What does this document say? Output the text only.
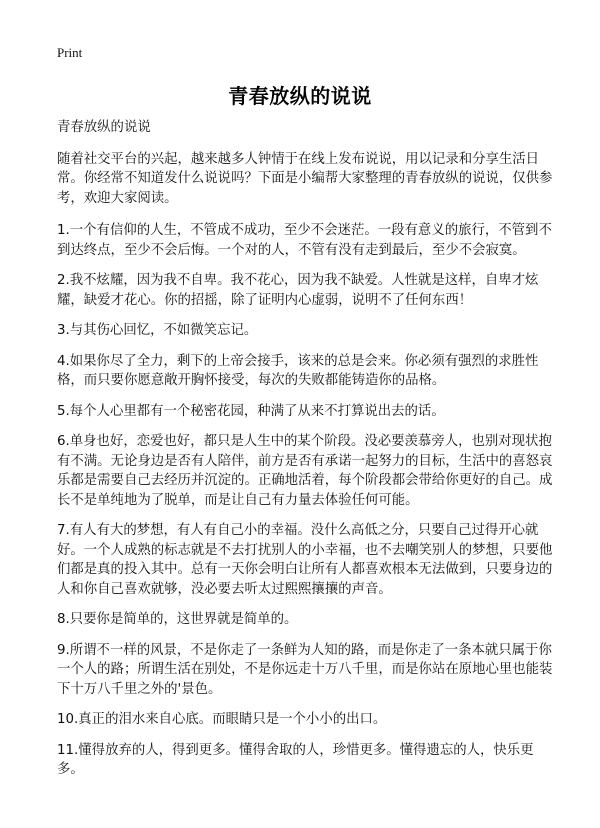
Print
青春放纵的说说

青春放纵的说说

随着社交平台的兴起，越来越多人钟情于在线上发布说说，用以记录和分享生活日常。你经常不知道发什么说说吗？下面是小编帮大家整理的青春放纵的说说，仅供参考，欢迎大家阅读。

1.一个有信仰的人生，不管成不成功，至少不会迷茫。一段有意义的旅行，不管到不到达终点，至少不会后悔。一个对的人，不管有没有走到最后，至少不会寂寞。

2.我不炫耀，因为我不自卑。我不花心，因为我不缺爱。人性就是这样，自卑才炫耀，缺爱才花心。你的招摇，除了证明内心虚弱，说明不了任何东西！

3.与其伤心回忆，不如微笑忘记。

4.如果你尽了全力，剩下的上帝会接手，该来的总是会来。你必须有强烈的求胜性格，而只要你愿意敞开胸怀接受，每次的失败都能铸造你的品格。

5.每个人心里都有一个秘密花园，种满了从来不打算说出去的话。

6.单身也好，恋爱也好，都只是人生中的某个阶段。没必要羡慕旁人，也别对现状抱有不满。无论身边是否有人陪伴，前方是否有承诺一起努力的目标，生活中的喜怒哀乐都是需要自己去经历并沉淀的。正确地活着，每个阶段都会带给你更好的自己。成长不是单纯地为了脱单，而是让自己有力量去体验任何可能。

7.有人有大的梦想，有人有自己小的幸福。没什么高低之分，只要自己过得开心就好。一个人成熟的标志就是不去打扰别人的小幸福，也不去嘲笑别人的梦想，只要他们都是真的投入其中。总有一天你会明白让所有人都喜欢根本无法做到，只要身边的人和你自己喜欢就够，没必要去听太过熙熙攘攘的声音。

8.只要你是简单的，这世界就是简单的。

9.所谓不一样的风景，不是你走了一条鲜为人知的路，而是你走了一条本就只属于你一个人的路；所谓生活在别处，不是你远走十万八千里，而是你站在原地心里也能装下十万八千里之外的'景色。

10.真正的泪水来自心底。而眼睛只是一个小小的出口。

11.懂得放弃的人，得到更多。懂得舍取的人，珍惜更多。懂得遗忘的人，快乐更多。
